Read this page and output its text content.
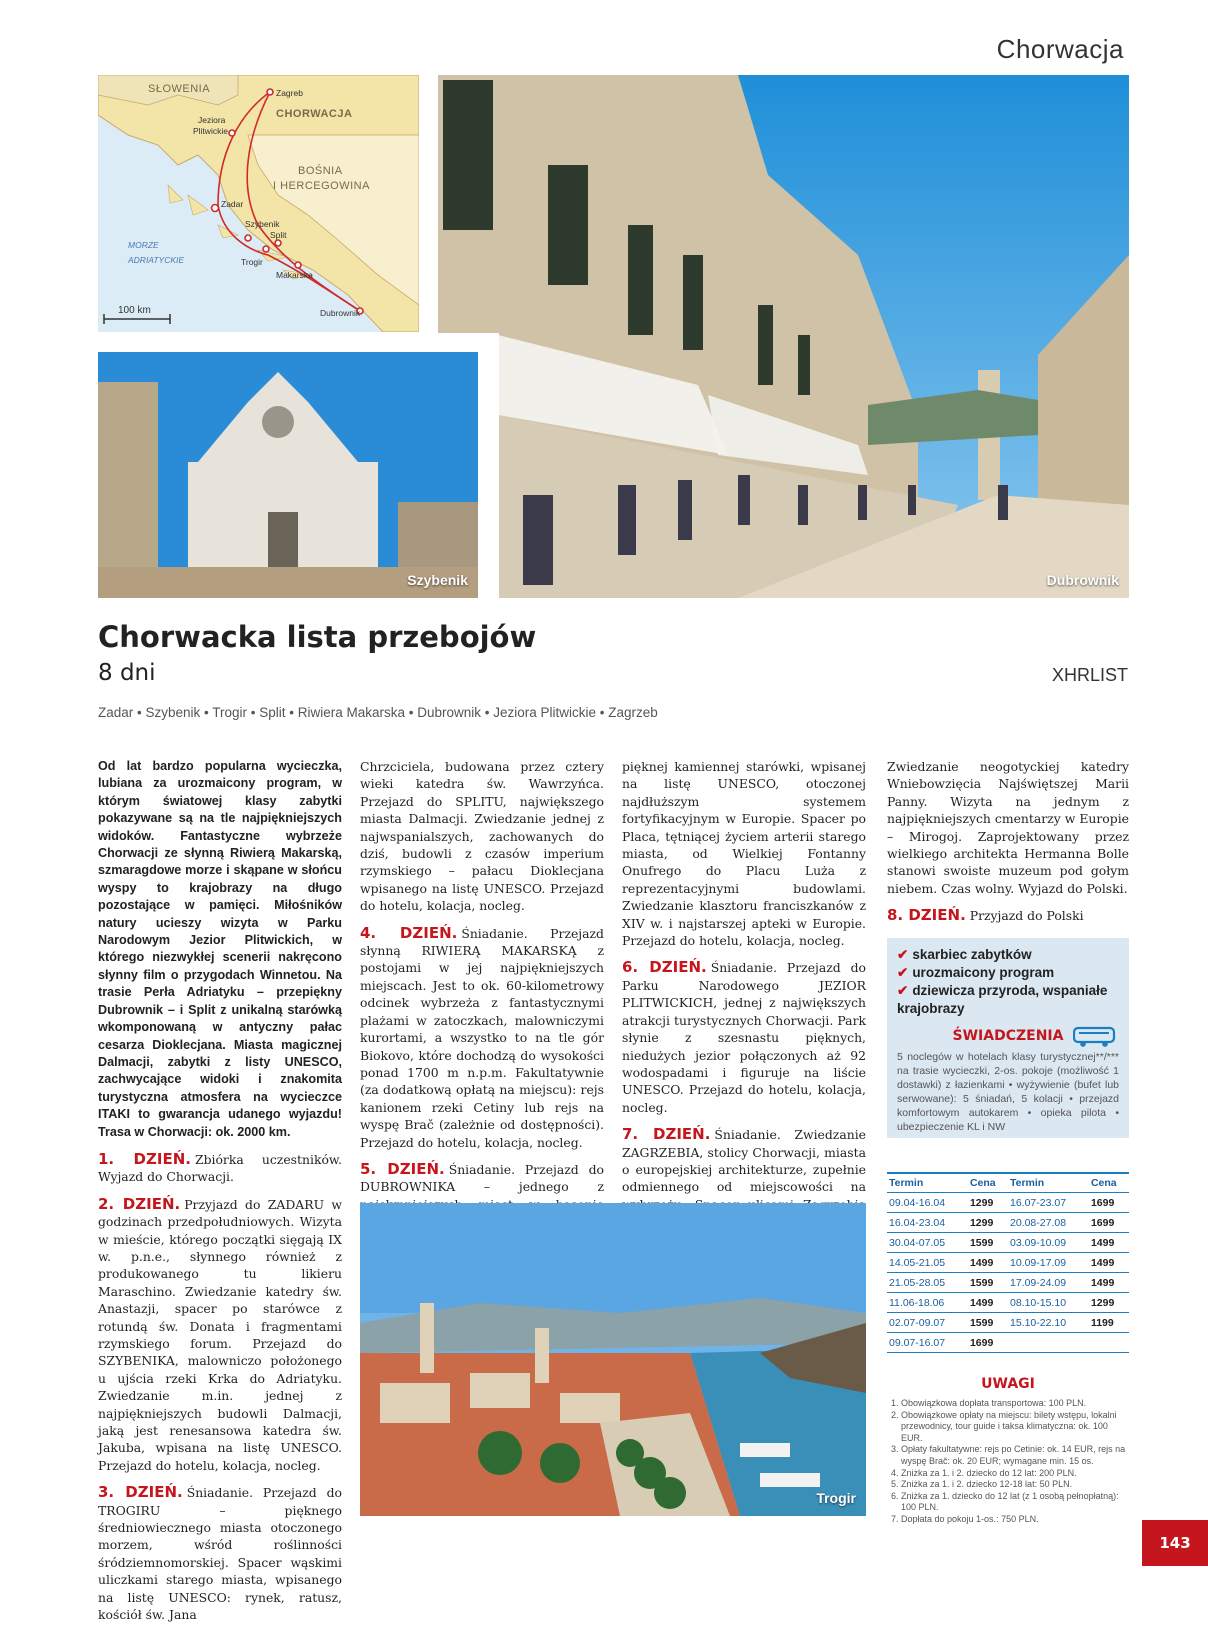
Chorwacja
SŁOWENIA
CHORWACJA
BOŚNIA
I HERCEGOWINA
MORZE
ADRIATYCKIE
Zagreb
Jeziora
Plitwickie
Zadar
Szybenik
Split
Trogir
Makarska
Dubrownik
100 km
Dubrownik
Szybenik
Chorwacka lista przebojów
8 dni	XHRLIST
Zadar • Szybenik • Trogir • Split • Riwiera Makarska • Dubrownik • Jeziora Plitwickie • Zagrzeb

Od lat bardzo popularna wycieczka, lubiana za urozmaicony program, w którym światowej klasy zabytki pokazywane są na tle najpiękniejszych widoków. Fantastyczne wybrzeże Chorwacji ze słynną Riwierą Makarską, szmaragdowe morze i skąpane w słońcu wyspy to krajobrazy na długo pozostające w pamięci. Miłośników natury ucieszy wizyta w Parku Narodowym Jezior Plitwickich, w którego niezwykłej scenerii nakręcono słynny film o przygodach Winnetou. Na trasie Perła Adriatyku – przepiękny Dubrownik – i Split z unikalną starówką wkomponowaną w antyczny pałac cesarza Dioklecjana. Miasta magicznej Dalmacji, zabytki z listy UNESCO, zachwycające widoki i znakomita turystyczna atmosfera na wycieczce ITAKI to gwarancja udanego wyjazdu! Trasa w Chorwacji: ok. 2000 km.

1. DZIEŃ. Zbiórka uczestników. Wyjazd do Chorwacji.

2. DZIEŃ. Przyjazd do ZADARU w godzinach przedpołudniowych. Wizyta w mieście, którego początki sięgają IX w. p.n.e., słynnego również z produkowanego tu likieru Maraschino. Zwiedzanie katedry św. Anastazji, spacer po starówce z rotundą św. Donata i fragmentami rzymskiego forum. Przejazd do SZYBENIKA, malowniczo położonego u ujścia rzeki Krka do Adriatyku. Zwiedzanie m.in. jednej z najpiękniejszych budowli Dalmacji, jaką jest renesansowa katedra św. Jakuba, wpisana na listę UNESCO. Przejazd do hotelu, kolacja, nocleg.

3. DZIEŃ. Śniadanie. Przejazd do TROGIRU – pięknego średniowiecznego miasta otoczonego morzem, wśród roślinności śródziemnomorskiej. Spacer wąskimi uliczkami starego miasta, wpisanego na listę UNESCO: rynek, ratusz, kościół św. Jana

Chrzciciela, budowana przez cztery wieki katedra św. Wawrzyńca. Przejazd do SPLITU, największego miasta Dalmacji. Zwiedzanie jednej z najwspanialszych, zachowanych do dziś, budowli z czasów imperium rzymskiego – pałacu Dioklecjana wpisanego na listę UNESCO. Przejazd do hotelu, kolacja, nocleg.

4. DZIEŃ. Śniadanie. Przejazd słynną RIWIERĄ MAKARSKĄ z postojami w jej najpiękniejszych miejscach. Jest to ok. 60-kilometrowy odcinek wybrzeża z fantastycznymi plażami w zatoczkach, malowniczymi kurortami, a wszystko to na tle gór Biokovo, które dochodzą do wysokości ponad 1700 m n.p.m. Fakultatywnie (za dodatkową opłatą na miejscu): rejs kanionem rzeki Cetiny lub rejs na wyspę Brač (zależnie od dostępności). Przejazd do hotelu, kolacja, nocleg.

5. DZIEŃ. Śniadanie. Przejazd do DUBROWNIKA – jednego z

pięknej kamiennej starówki, wpisanej na listę UNESCO, otoczonej najdłuższym systemem fortyfikacyjnym w Europie. Spacer po Placa, tętniącej życiem arterii starego miasta, od Wielkiej Fontanny Onufrego do Placu Luża z reprezentacyjnymi budowlami. Zwiedzanie klasztoru franciszkanów z XIV w. i najstarszej apteki w Europie. Przejazd do hotelu, kolacja, nocleg.

6. DZIEŃ. Śniadanie. Przejazd do Parku Narodowego JEZIOR PLITWICKICH, jednej z największych atrakcji turystycznych Chorwacji. Park słynie z szesnastu pięknych, niedużych jezior połączonych aż 92 wodospadami i figuruje na liście UNESCO. Przejazd do hotelu, kolacja, nocleg.

7. DZIEŃ. Śniadanie. Zwiedzanie ZAGRZEBIA, stolicy Chorwacji, miasta o europejskiej architekturze, zupełnie odmiennego od miejscowości na

Zwiedzanie neogotyckiej katedry Wniebowzięcia Najświętszej Marii Panny. Wizyta na jednym z najpiękniejszych cmentarzy w Europie – Mirogoj. Zaprojektowany przez wielkiego architekta Hermanna Bolle stanowi swoiste muzeum pod gołym niebem. Czas wolny. Wyjazd do Polski.

8. DZIEŃ. Przyjazd do Polski

Trogir
✔ skarbiec zabytków
✔ urozmaicony program
✔ dziewicza przyroda, wspaniałe krajobrazy
ŚWIADCZENIA
5 noclegów w hotelach klasy turystycznej**/*** na trasie wycieczki, 2-os. pokoje (możliwość 1 dostawki) z łazienkami • wyżywienie (bufet lub serwowane): 5 śniadań, 5 kolacji • przejazd komfortowym autokarem • opieka pilota • ubezpieczenie KL i NW
Termin	Cena	Termin	Cena
09.04-16.04	1299	16.07-23.07	1699
16.04-23.04	1299	20.08-27.08	1699
30.04-07.05	1599	03.09-10.09	1499
14.05-21.05	1499	10.09-17.09	1499
21.05-28.05	1599	17.09-24.09	1499
11.06-18.06	1499	08.10-15.10	1299
02.07-09.07	1599	15.10-22.10	1199
09.07-16.07	1699		
UWAGI
1. Obowiązkowa dopłata transportowa: 100 PLN.
2. Obowiązkowe opłaty na miejscu: bilety wstępu, lokalni przewodnicy, tour guide i taksa klimatyczna: ok. 100 EUR.
3. Opłaty fakultatywne: rejs po Cetinie: ok. 14 EUR, rejs na wyspę Brač: ok. 20 EUR; wymagane min. 15 os.
4. Zniżka za 1. i 2. dziecko do 12 lat: 200 PLN.
5. Zniżka za 1. i 2. dziecko 12-18 lat: 50 PLN.
6. Zniżka za 1. dziecko do 12 lat (z 1 osobą pełnopłatną): 100 PLN.
7. Dopłata do pokoju 1-os.: 750 PLN.
143
